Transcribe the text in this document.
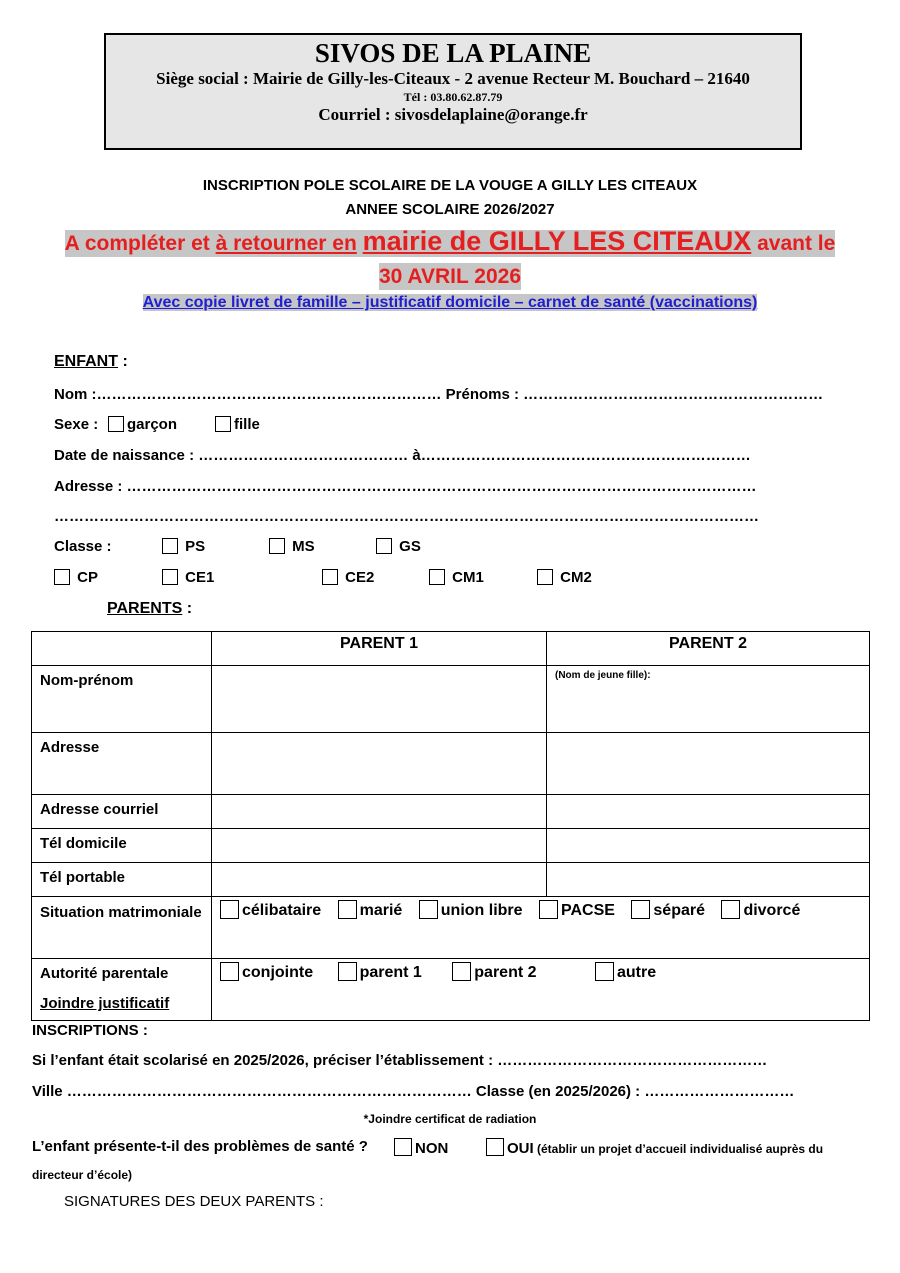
SIVOS DE LA PLAINE
Siège social : Mairie de Gilly-les-Citeaux - 2 avenue Recteur M. Bouchard – 21640
Tél : 03.80.62.87.79
Courriel : sivosdelaplaine@orange.fr
INSCRIPTION POLE SCOLAIRE DE LA VOUGE A GILLY LES CITEAUX
ANNEE SCOLAIRE 2026/2027
A compléter et à retourner en mairie de GILLY LES CITEAUX avant le
30 AVRIL 2026
Avec copie livret de famille – justificatif domicile – carnet de santé (vaccinations)
ENFANT :
Nom :…………………………………………………………… Prénoms : ……………………………………………………
Sexe :	garçon	fille
Date de naissance : …………………………………… à…………………………………………………………
Adresse : ………………………………………………………………………………………………………………
……………………………………………………………………………………………………………………………
Classe :	PS	MS	GS
CP	CE1	CE2	CM1	CM2
PARENTS :
	PARENT 1	PARENT 2
Nom-prénom		(Nom de jeune fille):

Adresse		
Adresse courriel		
Tél domicile		
Tél portable		
Situation matrimoniale	célibataire marié union libre PACSE séparé divorcé	

Autorité parentale
Joindre justificatif	conjointe parent 1 parent 2 autre	
INSCRIPTIONS :
Si l’enfant était scolarisé en 2025/2026, préciser l’établissement : ………………………………………………
Ville ……………………………………………………………………… Classe (en 2025/2026) : …………………………
*Joindre certificat de radiation
L’enfant présente-t-il des problèmes de santé ?	NON	OUI (établir un projet d’accueil individualisé auprès du
directeur d’école)
SIGNATURES DES DEUX PARENTS :
